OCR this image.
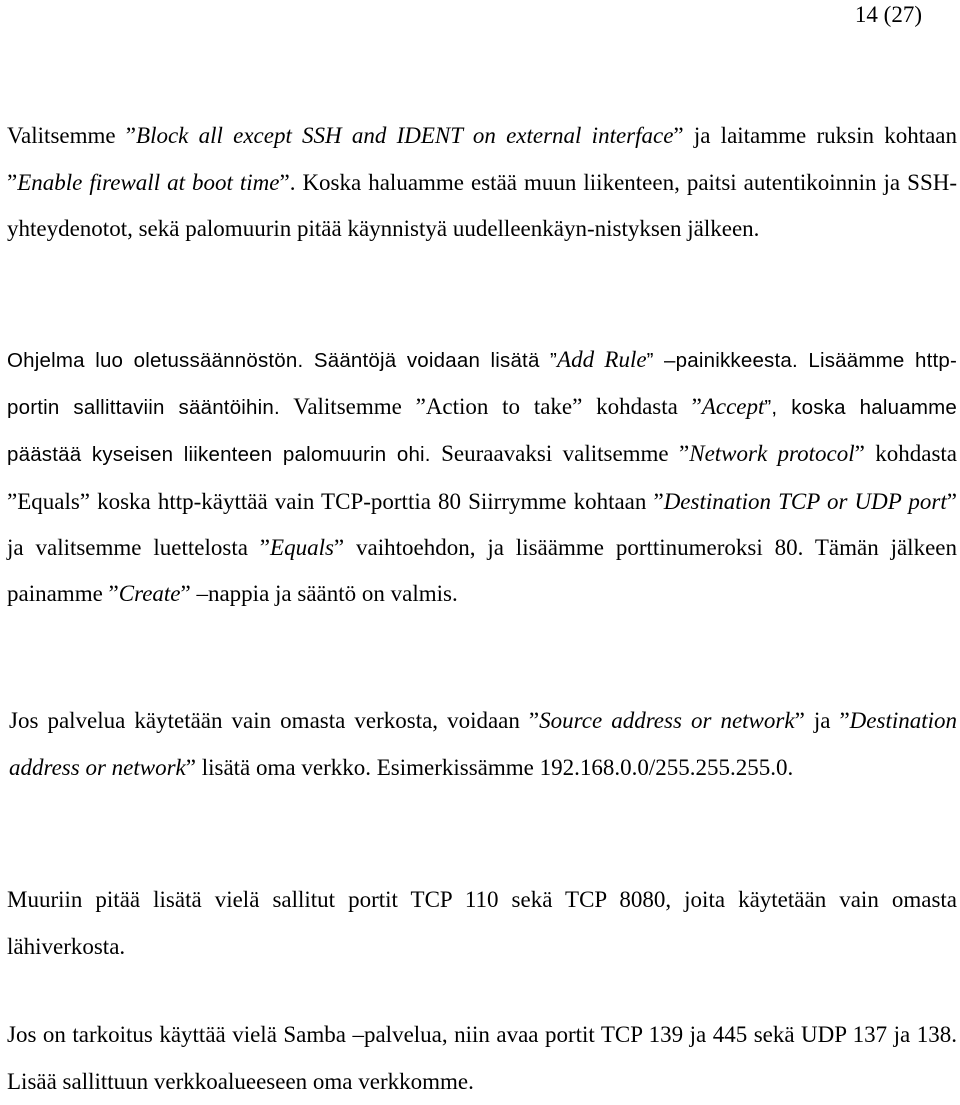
14 (27)

Valitsemme ”Block all except SSH and IDENT on external interface” ja laitamme ruksin kohtaan ”Enable firewall at boot time”. Koska haluamme estää muun liikenteen, paitsi autentikoinnin ja SSH-yhteydenotot, sekä palomuurin pitää käynnistyä uudelleenkäyn-nistyksen jälkeen.

Ohjelma luo oletussäännöstön. Sääntöjä voidaan lisätä ”Add Rule” –painikkeesta. Lisäämme http-portin sallittaviin sääntöihin. Valitsemme ”Action to take” kohdasta ”Accept”, koska haluamme päästää kyseisen liikenteen palomuurin ohi. Seuraavaksi valitsemme ”Network protocol” kohdasta ”Equals” koska http-käyttää vain TCP-porttia 80 Siirrymme kohtaan ”Destination TCP or UDP port” ja valitsemme luettelosta ”Equals” vaihtoehdon, ja lisäämme porttinumeroksi 80. Tämän jälkeen painamme ”Create” –nappia ja sääntö on valmis.

Jos palvelua käytetään vain omasta verkosta, voidaan ”Source address or network” ja ”Destination address or network” lisätä oma verkko. Esimerkissämme 192.168.0.0/255.255.255.0.

Muuriin pitää lisätä vielä sallitut portit TCP 110 sekä TCP 8080, joita käytetään vain omasta lähiverkosta.

Jos on tarkoitus käyttää vielä Samba –palvelua, niin avaa portit TCP 139 ja 445 sekä UDP 137 ja 138. Lisää sallittuun verkkoalueeseen oma verkkomme.
